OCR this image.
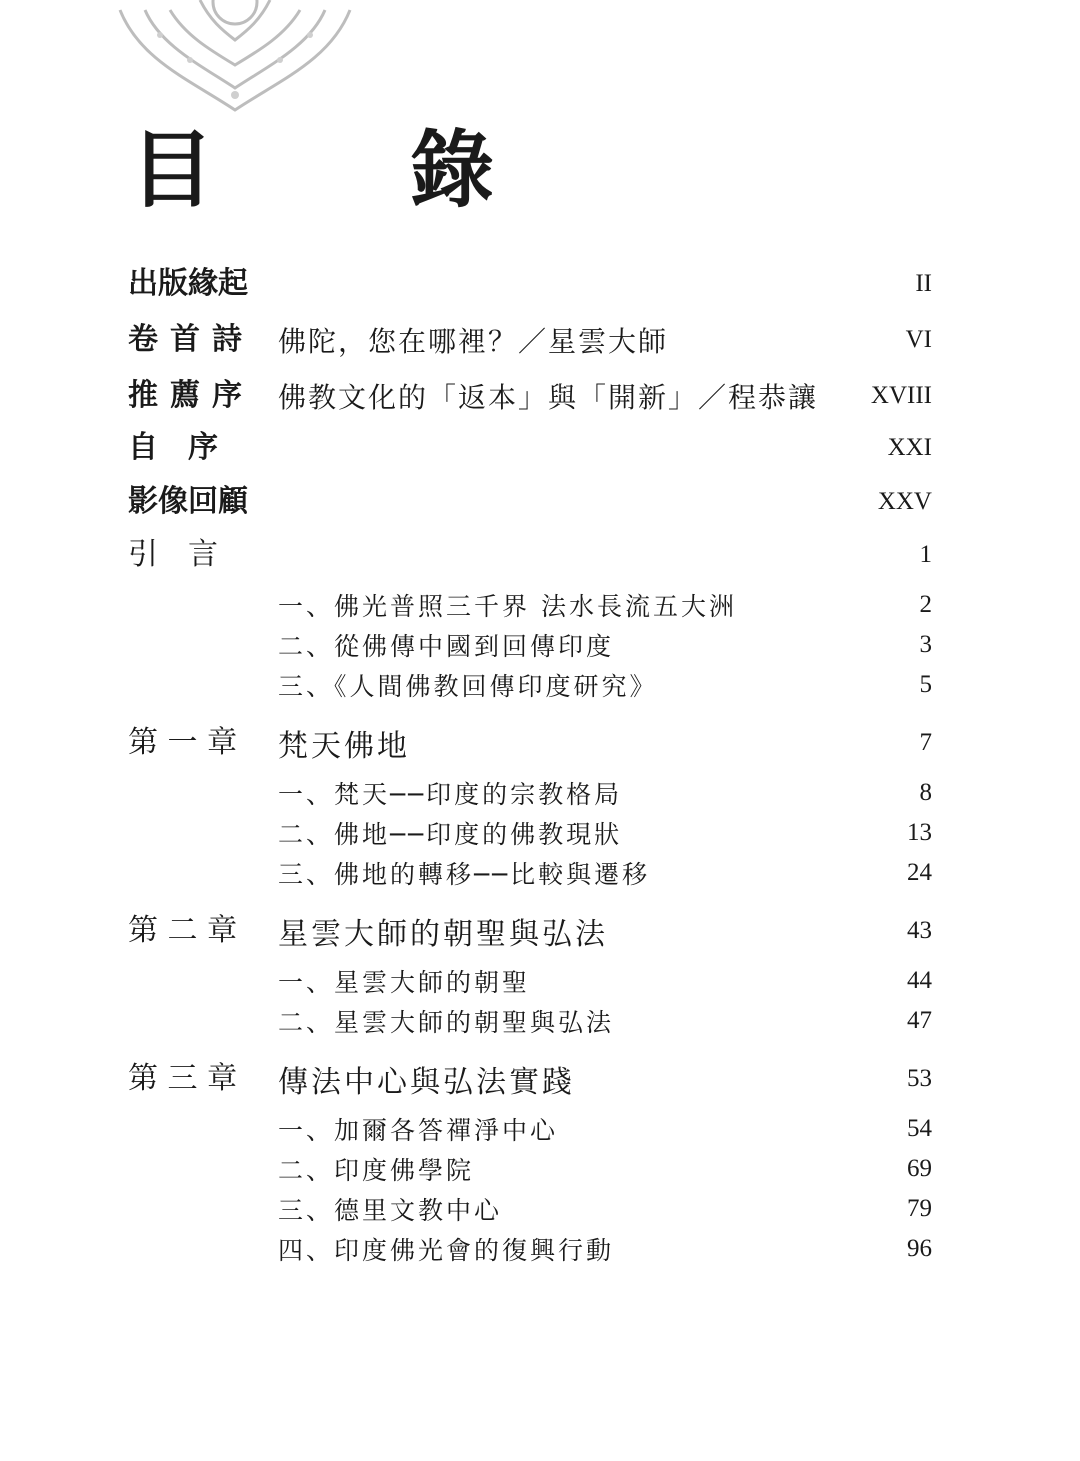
目　錄
出版緣起	II
卷首詩 佛陀，您在哪裡？／星雲大師	VI
推薦序 佛教文化的「返本」與「開新」／程恭讓	XVIII
自　序	XXI
影像回顧	XXV
引　言	1
一、佛光普照三千界 法水長流五大洲	2
二、從佛傳中國到回傳印度	3
三、《人間佛教回傳印度研究》	5
第 一 章	梵天佛地	7
一、梵天──印度的宗教格局	8
二、佛地──印度的佛教現狀	13
三、佛地的轉移──比較與遷移	24
第 二 章	星雲大師的朝聖與弘法	43
一、星雲大師的朝聖	44
二、星雲大師的朝聖與弘法	47
第 三 章	傳法中心與弘法實踐	53
一、加爾各答禪淨中心	54
二、印度佛學院	69
三、德里文教中心	79
四、印度佛光會的復興行動	96
